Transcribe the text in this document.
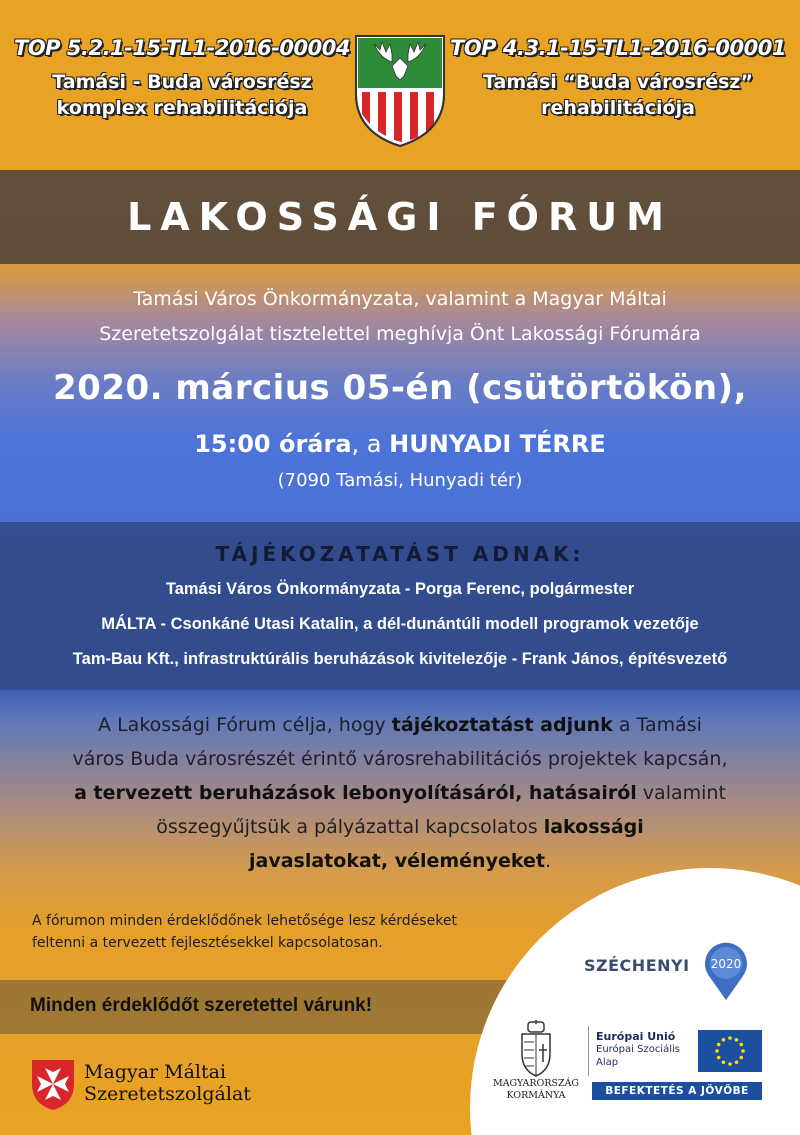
TOP 5.2.1-15-TL1-2016-00004
Tamási - Buda városrész
komplex rehabilitációja
TOP 4.3.1-15-TL1-2016-00001
Tamási “Buda városrész”
rehabilitációja
LAKOSSÁGI FÓRUM
Tamási Város Önkormányzata, valamint a Magyar Máltai
Szeretetszolgálat tisztelettel meghívja Önt Lakossági Fórumára
2020. március 05-én (csütörtökön),
15:00 órára, a HUNYADI TÉRRE
(7090 Tamási, Hunyadi tér)
TÁJÉKOZATATÁST ADNAK:
Tamási Város Önkormányzata - Porga Ferenc, polgármester
MÁLTA - Csonkáné Utasi Katalin, a dél-dunántúli modell programok vezetője
Tam-Bau Kft., infrastruktúrális beruházások kivitelezője - Frank János, építésvezető
A Lakossági Fórum célja, hogy tájékoztatást adjunk a Tamási
város Buda városrészét érintő városrehabilitációs projektek kapcsán,
a tervezett beruházások lebonyolításáról, hatásairól valamint
összegyűjtsük a pályázattal kapcsolatos lakossági
javaslatokat, véleményeket.
A fórumon minden érdeklődőnek lehetősége lesz kérdéseket
feltenni a tervezett fejlesztésekkel kapcsolatosan.
Minden érdeklődőt szeretettel várunk!
Magyar Máltai
Szeretetszolgálat
SZÉCHENYI 2020
MAGYARORSZÁG
KORMÁNYA
Európai Unió
Európai Szociális
Alap
BEFEKTETÉS A JÖVŐBE
